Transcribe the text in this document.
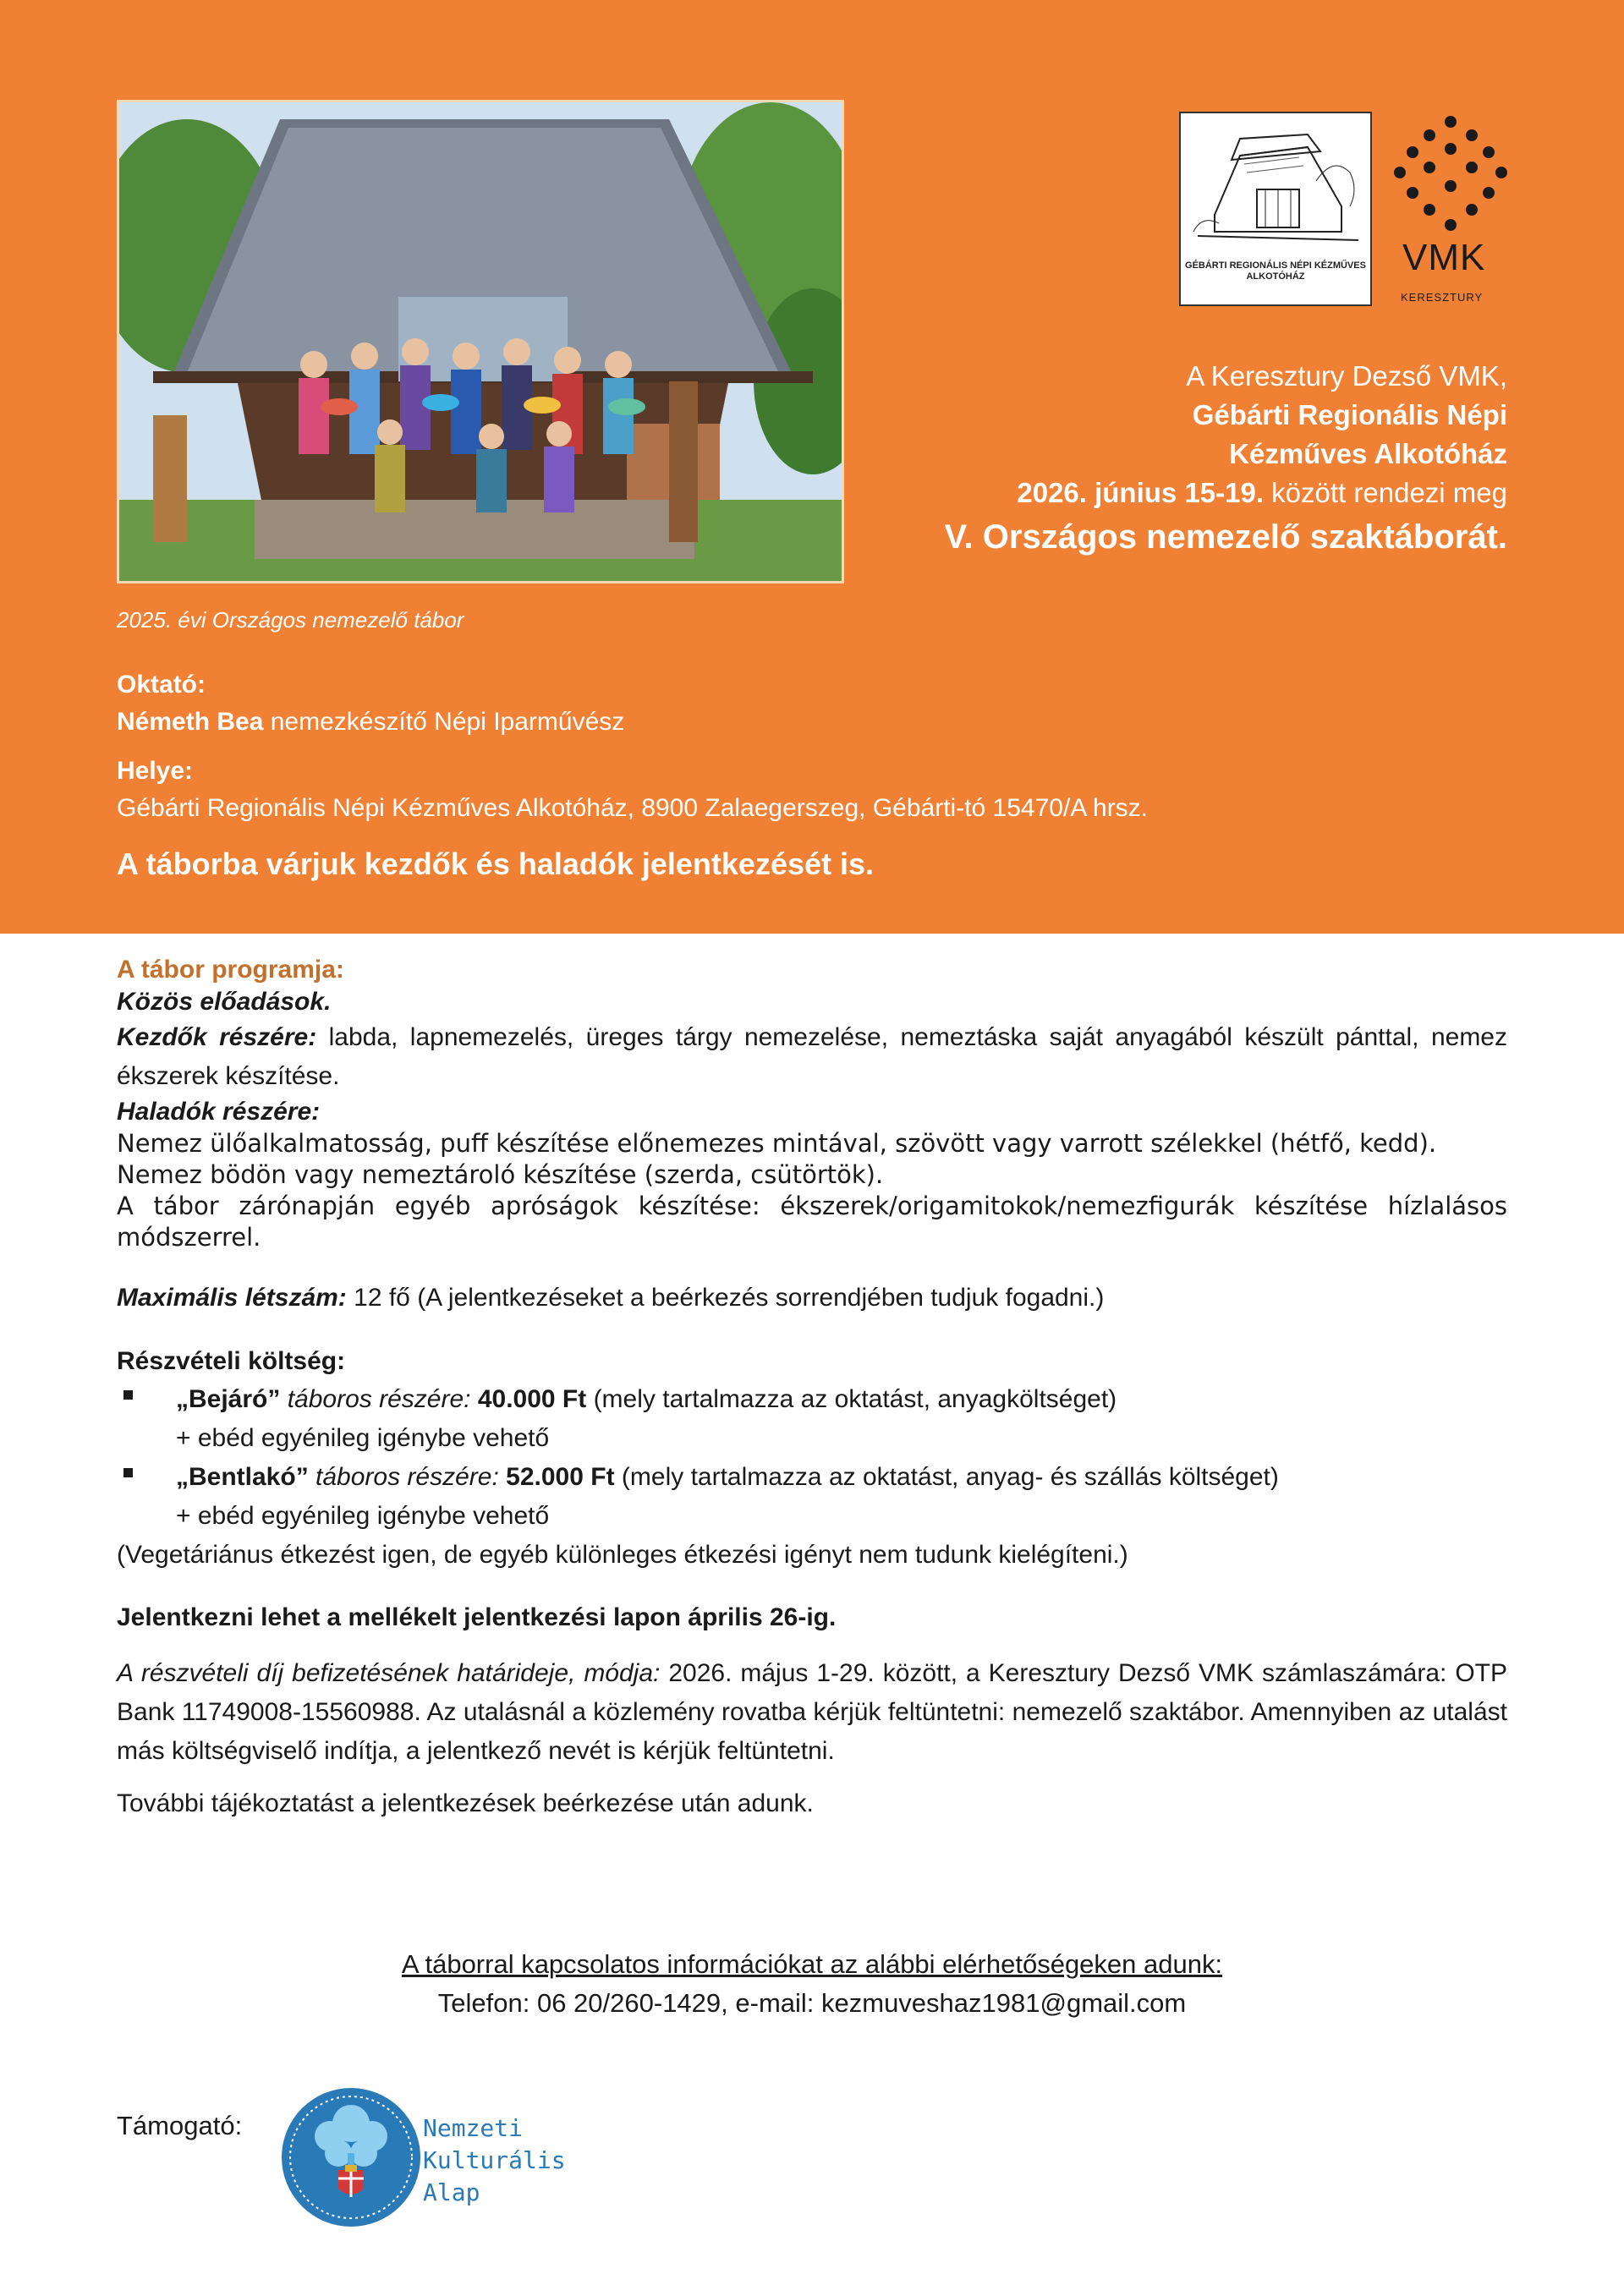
2025. évi Országos nemezelő tábor
GÉBÁRTI REGIONÁLIS NÉPI KÉZMŰVES ALKOTÓHÁZ	VMK
KERESZTURY
A Keresztury Dezső VMK,
Gébárti Regionális Népi
Kézműves Alkotóház
2026. június 15-19. között rendezi meg
V. Országos nemezelő szaktáborát.

Oktató:

Németh Bea nemezkészítő Népi Iparművész

Helye:

Gébárti Regionális Népi Kézműves Alkotóház, 8900 Zalaegerszeg, Gébárti-tó 15470/A hrsz.

A táborba várjuk kezdők és haladók jelentkezését is.

A tábor programja:

Közös előadások.

Kezdők részére: labda, lapnemezelés, üreges tárgy nemezelése, nemeztáska saját anyagából készült pánttal, nemez ékszerek készítése.

Haladók részére:

Nemez ülőalkalmatosság, puff készítése előnemezes mintával, szövött vagy varrott szélekkel (hétfő, kedd).

Nemez bödön vagy nemeztároló készítése (szerda, csütörtök).

A tábor zárónapján egyéb apróságok készítése: ékszerek/origamitokok/nemezfigurák készítése hízlalásos módszerrel.

Maximális létszám: 12 fő (A jelentkezéseket a beérkezés sorrendjében tudjuk fogadni.)

Részvételi költség:

„Bejáró” táboros részére: 40.000 Ft (mely tartalmazza az oktatást, anyagköltséget)
+ ebéd egyénileg igénybe vehető
„Bentlakó” táboros részére: 52.000 Ft (mely tartalmazza az oktatást, anyag- és szállás költséget)
+ ebéd egyénileg igénybe vehető

(Vegetáriánus étkezést igen, de egyéb különleges étkezési igényt nem tudunk kielégíteni.)

Jelentkezni lehet a mellékelt jelentkezési lapon április 26-ig.

A részvételi díj befizetésének határideje, módja: 2026. május 1-29. között, a Keresztury Dezső VMK számlaszámára: OTP Bank 11749008-15560988. Az utalásnál a közlemény rovatba kérjük feltüntetni: nemezelő szaktábor. Amennyiben az utalást más költségviselő indítja, a jelentkező nevét is kérjük feltüntetni.

További tájékoztatást a jelentkezések beérkezése után adunk.

A táborral kapcsolatos információkat az alábbi elérhetőségeken adunk:
Telefon: 06 20/260-1429, e-mail: kezmuveshaz1981@gmail.com
Támogató:	Nemzeti
Kulturális
Alap
